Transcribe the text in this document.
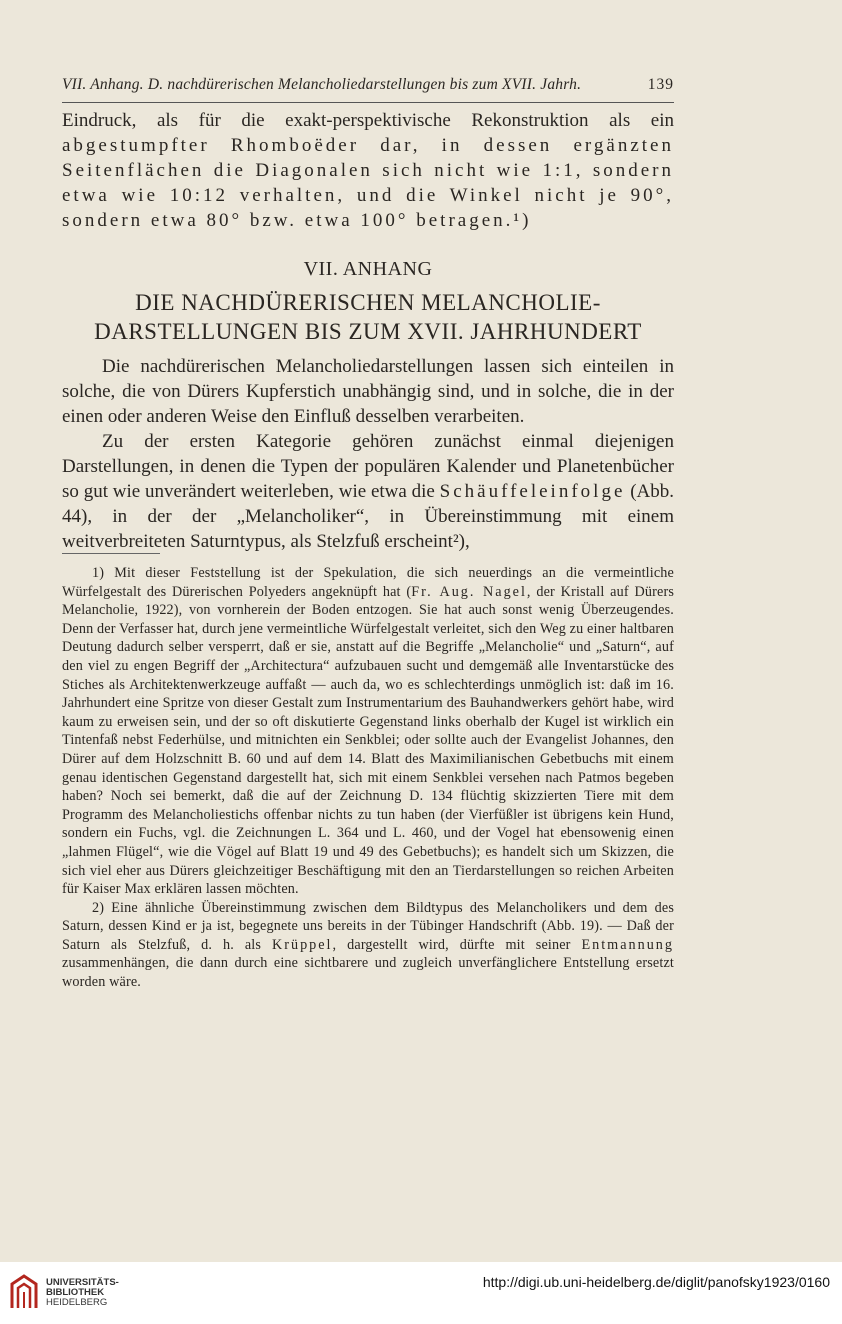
VII. Anhang. D. nachdürerischen Melancholiedarstellungen bis zum XVII. Jahrh.	139

Eindruck, als für die exakt-perspektivische Rekonstruktion als ein abgestumpfter Rhomboëder dar, in dessen ergänzten Seitenflächen die Diagonalen sich nicht wie 1:1, sondern etwa wie 10:12 verhalten, und die Winkel nicht je 90°, sondern etwa 80° bzw. etwa 100° betragen.¹)

VII. ANHANG
DIE NACHDÜRERISCHEN MELANCHOLIE-
DARSTELLUNGEN BIS ZUM XVII. JAHRHUNDERT

Die nachdürerischen Melancholiedarstellungen lassen sich einteilen in solche, die von Dürers Kupferstich unabhängig sind, und in solche, die in der einen oder anderen Weise den Einfluß desselben verarbeiten.

Zu der ersten Kategorie gehören zunächst einmal diejenigen Darstellungen, in denen die Typen der populären Kalender und Planetenbücher so gut wie unverändert weiterleben, wie etwa die Schäuffeleinfolge (Abb. 44), in der der „Melancholiker“, in Übereinstimmung mit einem weitverbreiteten Saturntypus, als Stelzfuß erscheint²),

1) Mit dieser Feststellung ist der Spekulation, die sich neuerdings an die vermeintliche Würfelgestalt des Dürerischen Polyeders angeknüpft hat (Fr. Aug. Nagel, der Kristall auf Dürers Melancholie, 1922), von vornherein der Boden entzogen. Sie hat auch sonst wenig Überzeugendes. Denn der Verfasser hat, durch jene vermeintliche Würfelgestalt verleitet, sich den Weg zu einer haltbaren Deutung dadurch selber versperrt, daß er sie, anstatt auf die Begriffe „Melancholie“ und „Saturn“, auf den viel zu engen Begriff der „Architectura“ aufzubauen sucht und demgemäß alle Inventarstücke des Stiches als Architektenwerkzeuge auffaßt — auch da, wo es schlechterdings unmöglich ist: daß im 16. Jahrhundert eine Spritze von dieser Gestalt zum Instrumentarium des Bauhandwerkers gehört habe, wird kaum zu erweisen sein, und der so oft diskutierte Gegenstand links oberhalb der Kugel ist wirklich ein Tintenfaß nebst Federhülse, und mitnichten ein Senkblei; oder sollte auch der Evangelist Johannes, den Dürer auf dem Holzschnitt B. 60 und auf dem 14. Blatt des Maximilianischen Gebetbuchs mit einem genau identischen Gegenstand dargestellt hat, sich mit einem Senkblei versehen nach Patmos begeben haben? Noch sei bemerkt, daß die auf der Zeichnung D. 134 flüchtig skizzierten Tiere mit dem Programm des Melancholiestichs offenbar nichts zu tun haben (der Vierfüßler ist übrigens kein Hund, sondern ein Fuchs, vgl. die Zeichnungen L. 364 und L. 460, und der Vogel hat ebensowenig einen „lahmen Flügel“, wie die Vögel auf Blatt 19 und 49 des Gebetbuchs); es handelt sich um Skizzen, die sich viel eher aus Dürers gleichzeitiger Beschäftigung mit den an Tierdarstellungen so reichen Arbeiten für Kaiser Max erklären lassen möchten.

2) Eine ähnliche Übereinstimmung zwischen dem Bildtypus des Melancholikers und dem des Saturn, dessen Kind er ja ist, begegnete uns bereits in der Tübinger Handschrift (Abb. 19). — Daß der Saturn als Stelzfuß, d. h. als Krüppel, dargestellt wird, dürfte mit seiner Entmannung zusammenhängen, die dann durch eine sichtbarere und zugleich unverfänglichere Entstellung ersetzt worden wäre.

UNIVERSITÄTS-
BIBLIOTHEK
HEIDELBERG
http://digi.ub.uni-heidelberg.de/diglit/panofsky1923/0160
